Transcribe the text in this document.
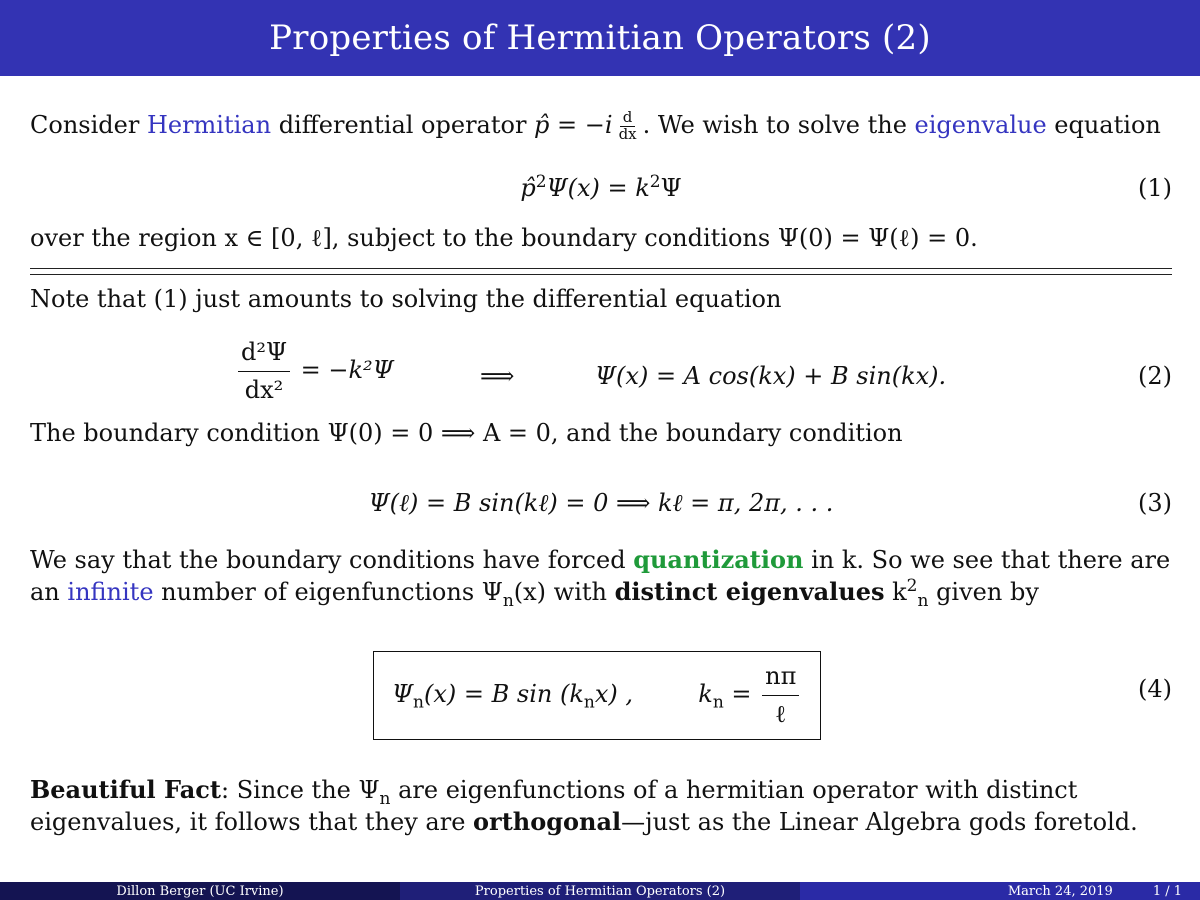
Properties of Hermitian Operators (2)
Consider Hermitian differential operator p̂ = $-i \frac{d}{dx}$ . We wish to solve the eigenvalue equation
p̂$^2$Ψ(x) = $k^2\Psi$	(1)
over the region x ∈ [0, ℓ], subject to the boundary conditions Ψ(0) = Ψ(ℓ) = 0.
Note that (1) just amounts to solving the differential equation
$\frac{\text{d²Ψ}}{\text{dx²}} = -k^2\Psi$	⟹	Ψ(x) = A cos(kx) + B sin(kx).	(2)
The boundary condition Ψ(0) = 0 ⟹ A = 0, and the boundary condition
Ψ(ℓ) = B sin(kℓ) = 0 ⟹ kℓ = π, 2π, . . .	(3)
We say that the boundary conditions have forced quantization in k. So we see that there are an infinite number of eigenfunctions $\Psi_n(x)$ with distinct eigenvalues $k^2_n$ given by
$\Psi_n(x) = B$ $\sin (k_nx)$ ,	$k_n = \frac{n\pi}{\text{ℓ}}$	(4)
Beautiful Fact: Since the $\Psi_n$ are eigenfunctions of a hermitian operator with distinct eigenvalues, it follows that they are orthogonal—just as the Linear Algebra gods foretold.
Dillon Berger (UC Irvine)	Properties of Hermitian Operators (2)	March 24, 2019	1 / 1
